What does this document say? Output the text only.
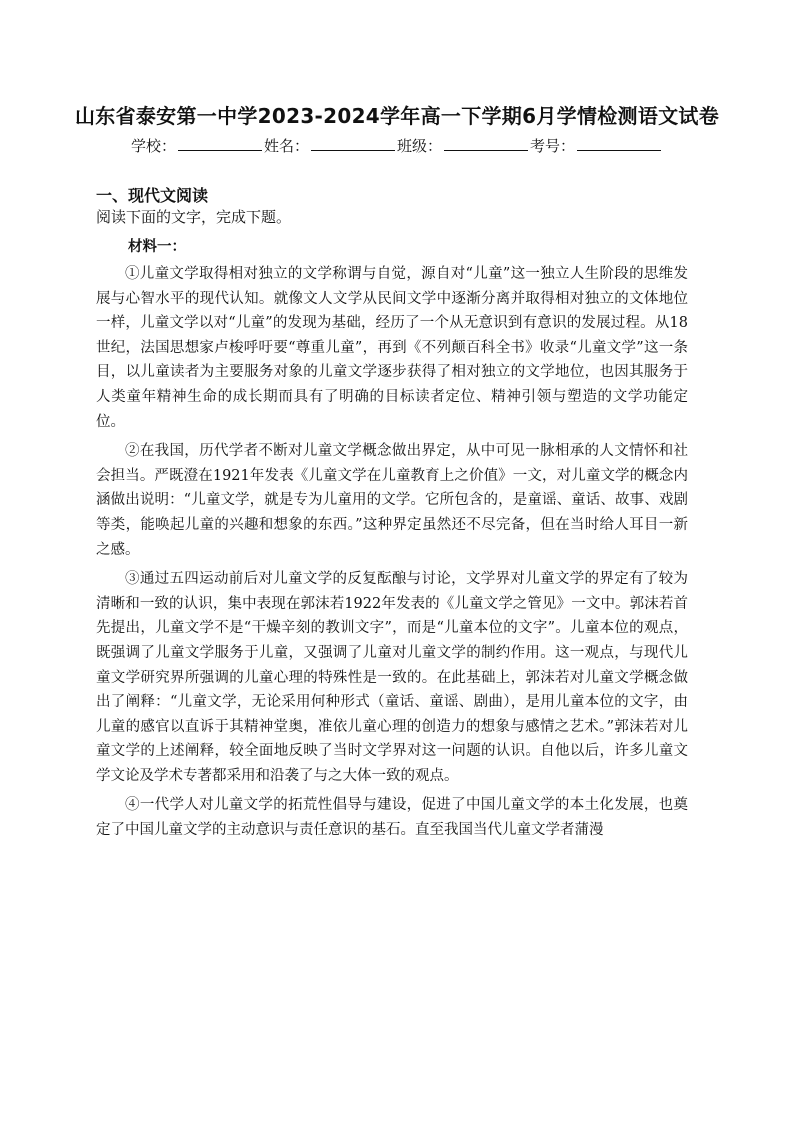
山东省泰安第一中学2023-2024学年高一下学期6月学情检测语文试卷
学校：	姓名：	班级：	考号：
一、现代文阅读
阅读下面的文字，完成下题。
材料一：

①儿童文学取得相对独立的文学称谓与自觉，源自对“儿童”这一独立人生阶段的思维发展与心智水平的现代认知。就像文人文学从民间文学中逐渐分离并取得相对独立的文体地位一样，儿童文学以对“儿童”的发现为基础，经历了一个从无意识到有意识的发展过程。从18世纪，法国思想家卢梭呼吁要“尊重儿童”，再到《不列颠百科全书》收录“儿童文学”这一条目，以儿童读者为主要服务对象的儿童文学逐步获得了相对独立的文学地位，也因其服务于人类童年精神生命的成长期而具有了明确的目标读者定位、精神引领与塑造的文学功能定位。

②在我国，历代学者不断对儿童文学概念做出界定，从中可见一脉相承的人文情怀和社会担当。严既澄在1921年发表《儿童文学在儿童教育上之价值》一文，对儿童文学的概念内涵做出说明：“儿童文学，就是专为儿童用的文学。它所包含的，是童谣、童话、故事、戏剧等类，能唤起儿童的兴趣和想象的东西。”这种界定虽然还不尽完备，但在当时给人耳目一新之感。

③通过五四运动前后对儿童文学的反复酝酿与讨论，文学界对儿童文学的界定有了较为清晰和一致的认识，集中表现在郭沫若1922年发表的《儿童文学之管见》一文中。郭沫若首先提出，儿童文学不是“干燥辛刻的教训文字”，而是“儿童本位的文字”。儿童本位的观点，既强调了儿童文学服务于儿童，又强调了儿童对儿童文学的制约作用。这一观点，与现代儿童文学研究界所强调的儿童心理的特殊性是一致的。在此基础上，郭沫若对儿童文学概念做出了阐释：“儿童文学，无论采用何种形式（童话、童谣、剧曲），是用儿童本位的文字，由儿童的感官以直诉于其精神堂奥，准依儿童心理的创造力的想象与感情之艺术。”郭沫若对儿童文学的上述阐释，较全面地反映了当时文学界对这一问题的认识。自他以后，许多儿童文学文论及学术专著都采用和沿袭了与之大体一致的观点。

④一代学人对儿童文学的拓荒性倡导与建设，促进了中国儿童文学的本土化发展，也奠定了中国儿童文学的主动意识与责任意识的基石。直至我国当代儿童文学者蒲漫
